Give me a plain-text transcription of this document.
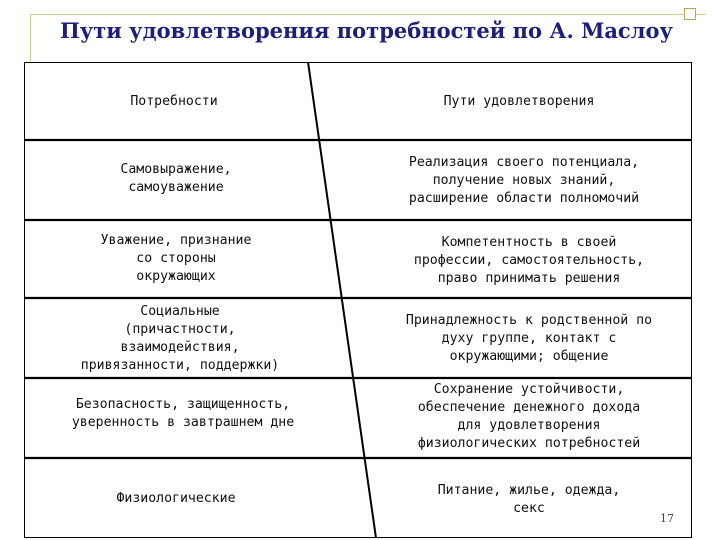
Пути удовлетворения потребностей по А. Маслоу
Потребности	Пути удовлетворения
Самовыражение,
самоуважение
Реализация своего потенциала,
получение новых знаний,
расширение области полномочий
Уважение, признание
со стороны
окружающих
Компетентность в своей
профессии, самостоятельность,
право принимать решения
Социальные
(причастности,
взаимодействия,
привязанности, поддержки)
Принадлежность к родственной по
духу группе, контакт с
окружающими; общение
Безопасность, защищенность,
уверенность в завтрашнем дне
Сохранение устойчивости,
обеспечение денежного дохода
для удовлетворения
физиологических потребностей
Физиологические
Питание, жилье, одежда,
секс
17
